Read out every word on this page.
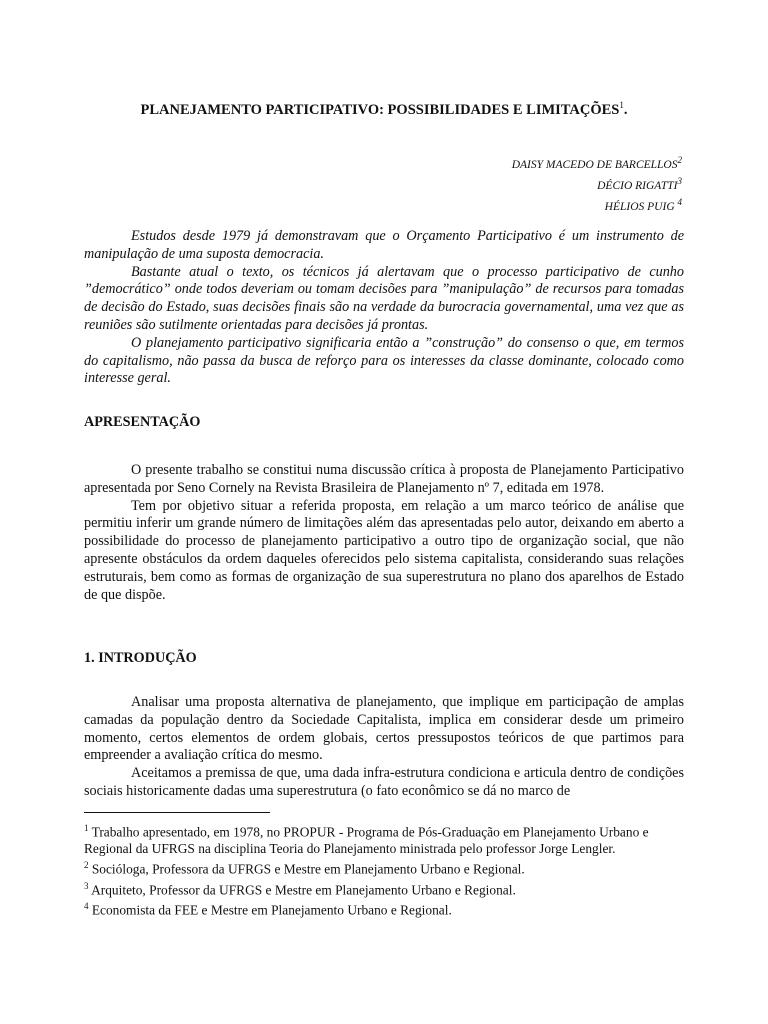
PLANEJAMENTO PARTICIPATIVO: POSSIBILIDADES E LIMITAÇÕES$^1$.
DAISY MACEDO DE BARCELLOS$^2$
DÉCIO RIGATTI$^3$
HÉLIOS PUIG $^4$

Estudos desde 1979 já demonstravam que o Orçamento Participativo é um instrumento de manipulação de uma suposta democracia.

Bastante atual o texto, os técnicos já alertavam que o processo participativo de cunho ”democrático” onde todos deveriam ou tomam decisões para ”manipulação” de recursos para tomadas de decisão do Estado, suas decisões finais são na verdade da burocracia governamental, uma vez que as reuniões são sutilmente orientadas para decisões já prontas.

O planejamento participativo significaria então a ”construção” do consenso o que, em termos do capitalismo, não passa da busca de reforço para os interesses da classe dominante, colocado como interesse geral.

APRESENTAÇÃO

O presente trabalho se constitui numa discussão crítica à proposta de Planejamento Participativo apresentada por Seno Cornely na Revista Brasileira de Planejamento nº 7, editada em 1978.

Tem por objetivo situar a referida proposta, em relação a um marco teórico de análise que permitiu inferir um grande número de limitações além das apresentadas pelo autor, deixando em aberto a possibilidade do processo de planejamento participativo a outro tipo de organização social, que não apresente obstáculos da ordem daqueles oferecidos pelo sistema capitalista, considerando suas relações estruturais, bem como as formas de organização de sua superestrutura no plano dos aparelhos de Estado de que dispõe.

1. INTRODUÇÃO

Analisar uma proposta alternativa de planejamento, que implique em participação de amplas camadas da população dentro da Sociedade Capitalista, implica em considerar desde um primeiro momento, certos elementos de ordem globais, certos pressupostos teóricos de que partimos para empreender a avaliação crítica do mesmo.

Aceitamos a premissa de que, uma dada infra-estrutura condiciona e articula dentro de condições sociais historicamente dadas uma superestrutura (o fato econômico se dá no marco de

$^1$ Trabalho apresentado, em 1978, no PROPUR - Programa de Pós-Graduação em Planejamento Urbano e Regional da UFRGS na disciplina Teoria do Planejamento ministrada pelo professor Jorge Lengler.

$^2$ Socióloga, Professora da UFRGS e Mestre em Planejamento Urbano e Regional.

$^3$ Arquiteto, Professor da UFRGS e Mestre em Planejamento Urbano e Regional.

$^4$ Economista da FEE e Mestre em Planejamento Urbano e Regional.
